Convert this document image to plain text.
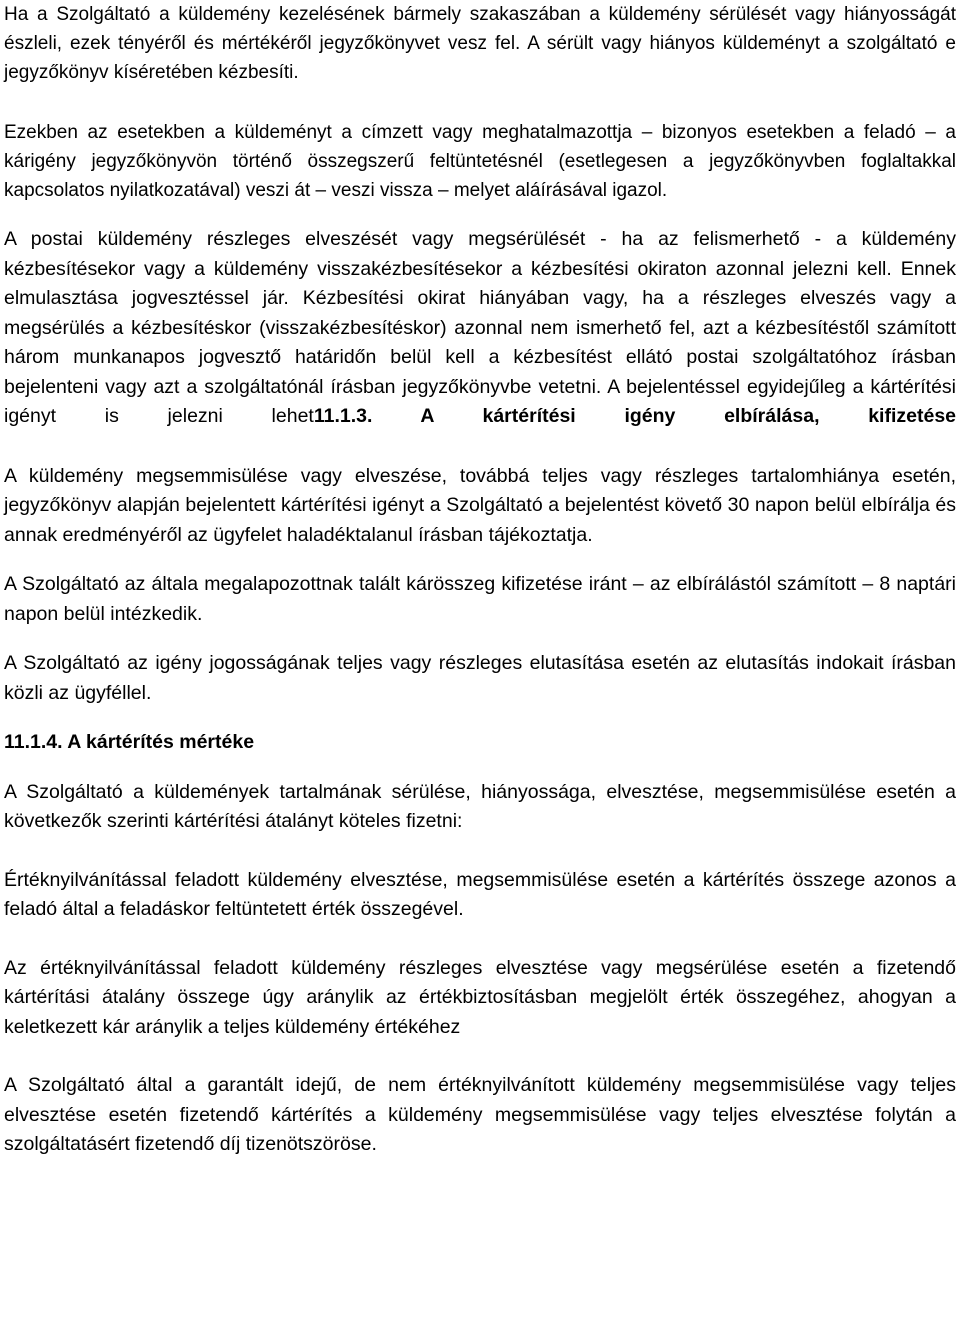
Ha a Szolgáltató a küldemény kezelésének bármely szakaszában a küldemény sérülését vagy hiányosságát észleli, ezek tényéről és mértékéről jegyzőkönyvet vesz fel. A sérült vagy hiányos küldeményt a szolgáltató e jegyzőkönyv kíséretében kézbesíti.

Ezekben az esetekben a küldeményt a címzett vagy meghatalmazottja – bizonyos esetekben a feladó – a kárigény jegyzőkönyvön történő összegszerű feltüntetésnél (esetlegesen a jegyzőkönyvben foglaltakkal kapcsolatos nyilatkozatával) veszi át – veszi vissza – melyet aláírásával igazol.

A postai küldemény részleges elveszését vagy megsérülését - ha az felismerhető - a küldemény kézbesítésekor vagy a küldemény visszakézbesítésekor a kézbesítési okiraton azonnal jelezni kell. Ennek elmulasztása jogvesztéssel jár. Kézbesítési okirat hiányában vagy, ha a részleges elveszés vagy a megsérülés a kézbesítéskor (visszakézbesítéskor) azonnal nem ismerhető fel, azt a kézbesítéstől számított három munkanapos jogvesztő határidőn belül kell a kézbesítést ellátó postai szolgáltatóhoz írásban bejelenteni vagy azt a szolgáltatónál írásban jegyzőkönyvbe vetetni. A bejelentéssel egyidejűleg a kártérítési igényt is jelezni lehet11.1.3. A kártérítési igény elbírálása, kifizetése

A küldemény megsemmisülése vagy elveszése, továbbá teljes vagy részleges tartalomhiánya esetén, jegyzőkönyv alapján bejelentett kártérítési igényt a Szolgáltató a bejelentést követő 30 napon belül elbírálja és annak eredményéről az ügyfelet haladéktalanul írásban tájékoztatja.

A Szolgáltató az általa megalapozottnak talált kárösszeg kifizetése iránt – az elbírálástól számított – 8 naptári napon belül intézkedik.

A Szolgáltató az igény jogosságának teljes vagy részleges elutasítása esetén az elutasítás indokait írásban közli az ügyféllel.

11.1.4. A kártérítés mértéke

A Szolgáltató a küldemények tartalmának sérülése, hiányossága, elvesztése, megsemmisülése esetén a következők szerinti kártérítési átalányt köteles fizetni:

Értéknyilvánítással feladott küldemény elvesztése, megsemmisülése esetén a kártérítés összege azonos a feladó által a feladáskor feltüntetett érték összegével.

Az értéknyilvánítással feladott küldemény részleges elvesztése vagy megsérülése esetén a fizetendő kártérítási átalány összege úgy aránylik az értékbiztosításban megjelölt érték összegéhez, ahogyan a keletkezett kár aránylik a teljes küldemény értékéhez

A Szolgáltató által a garantált idejű, de nem értéknyilvánított küldemény megsemmisülése vagy teljes elvesztése esetén fizetendő kártérítés a küldemény megsemmisülése vagy teljes elvesztése folytán a szolgáltatásért fizetendő díj tizenötszöröse.
